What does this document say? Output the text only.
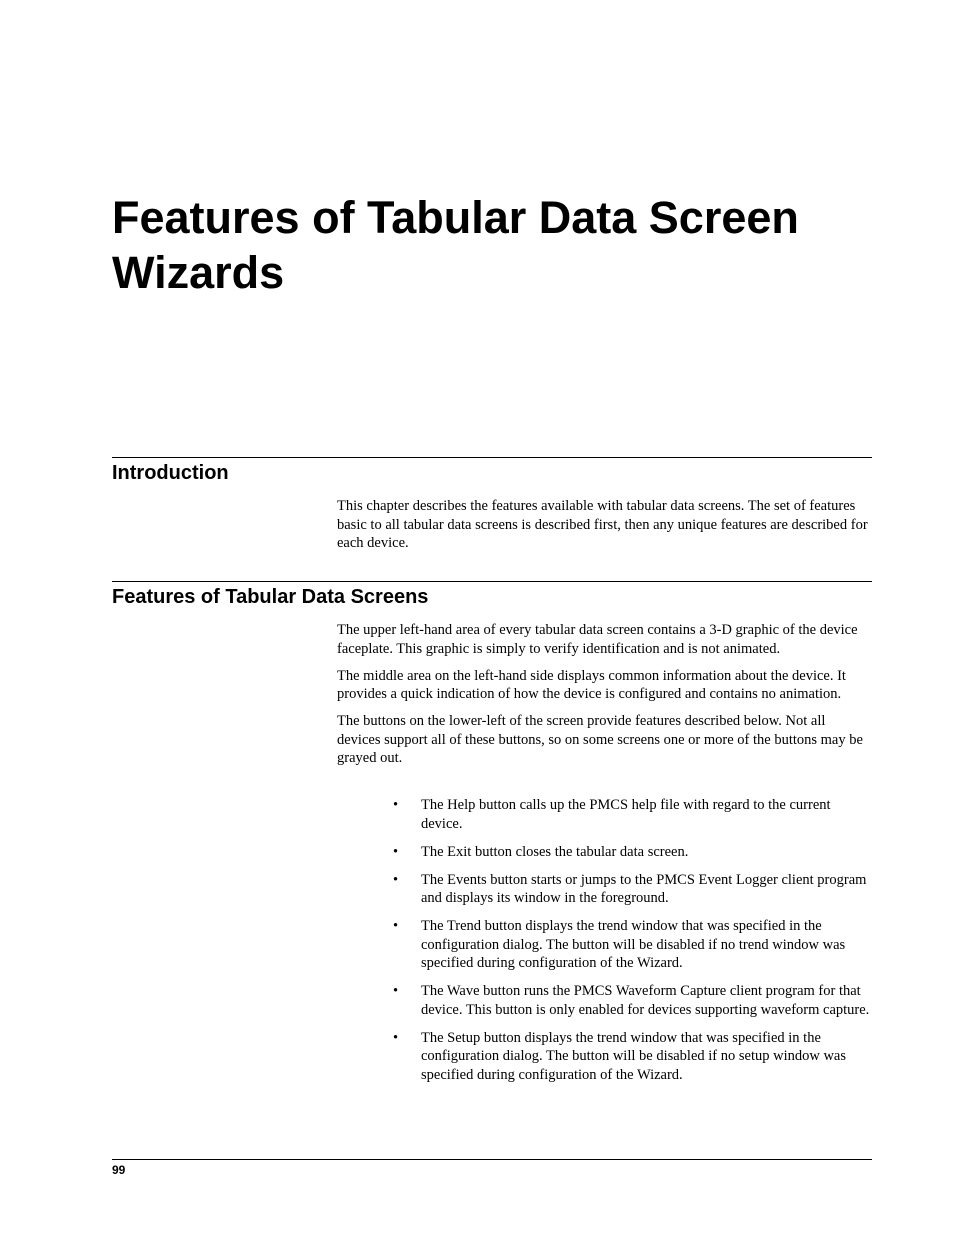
Features of Tabular Data Screen Wizards
Introduction

This chapter describes the features available with tabular data screens. The set of features basic to all tabular data screens is described first, then any unique features are described for each device.

Features of Tabular Data Screens

The upper left-hand area of every tabular data screen contains a 3-D graphic of the device faceplate. This graphic is simply to verify identification and is not animated.

The middle area on the left-hand side displays common information about the device. It provides a quick indication of how the device is configured and contains no animation.

The buttons on the lower-left of the screen provide features described below. Not all devices support all of these buttons, so on some screens one or more of the buttons may be grayed out.

• The Help button calls up the PMCS help file with regard to the current device.
• The Exit button closes the tabular data screen.
• The Events button starts or jumps to the PMCS Event Logger client program and displays its window in the foreground.
• The Trend button displays the trend window that was specified in the configuration dialog. The button will be disabled if no trend window was specified during configuration of the Wizard.
• The Wave button runs the PMCS Waveform Capture client program for that device. This button is only enabled for devices supporting waveform capture.
• The Setup button displays the trend window that was specified in the configuration dialog. The button will be disabled if no setup window was specified during configuration of the Wizard.
99
